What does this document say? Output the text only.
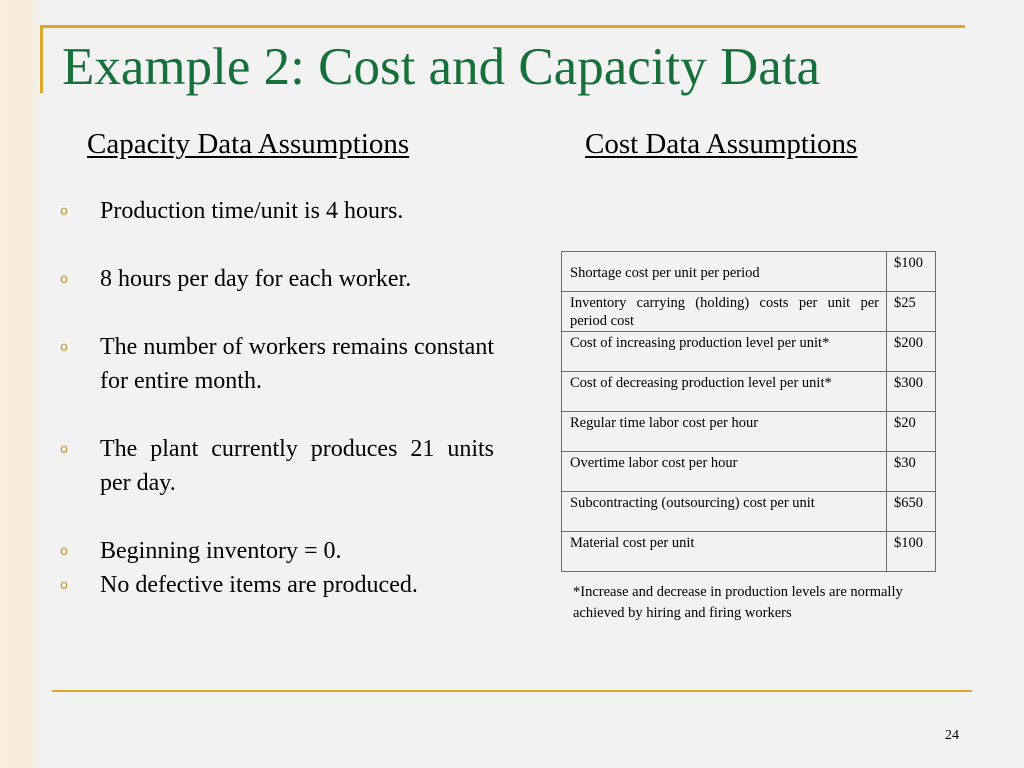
Example 2: Cost and Capacity Data
Capacity Data Assumptions	Cost Data Assumptions
o Production time/unit is 4 hours.
o 8 hours per day for each worker.
o The number of workers remains constant for entire month.
o The plant currently produces 21 units per day.
o Beginning inventory = 0.
o No defective items are produced.
Shortage cost per unit per period	$100
Inventory carrying (holding) costs per unit per period cost	$25
Cost of increasing production level per unit*	$200
Cost of decreasing production level per unit*	$300
Regular time labor cost per hour	$20
Overtime labor cost per hour	$30
Subcontracting (outsourcing) cost per unit	$650
Material cost per unit	$100
*Increase and decrease in production levels are normally achieved by hiring and firing workers
24
